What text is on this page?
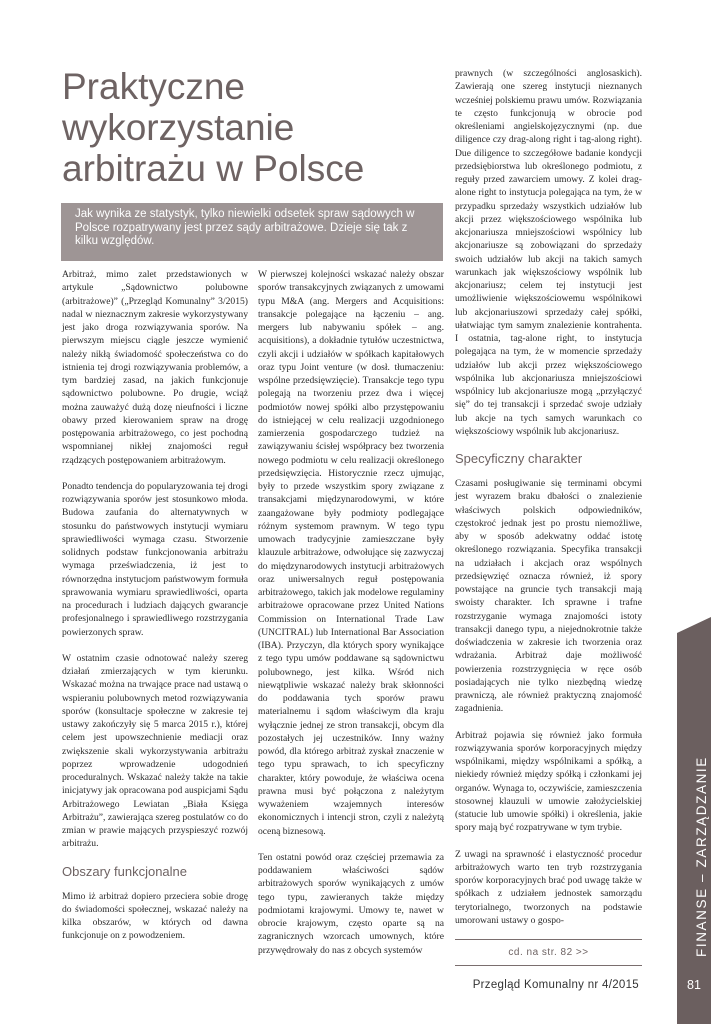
Praktyczne wykorzystanie arbitrażu w Polsce
Jak wynika ze statystyk, tylko niewielki odsetek spraw sądowych w Polsce rozpatrywany jest przez sądy arbitrażowe. Dzieje się tak z kilku względów.

Arbitraż, mimo zalet przedstawionych w artykule „Sądownictwo polubowne (arbitrażowe)” („Przegląd Komunalny” 3/2015) nadal w nieznacznym zakresie wykorzystywany jest jako droga rozwiązywania sporów. Na pierwszym miejscu ciągle jeszcze wymienić należy nikłą świadomość społeczeństwa co do istnienia tej drogi rozwiązywania problemów, a tym bardziej zasad, na jakich funkcjonuje sądownictwo polubowne. Po drugie, wciąż można zauważyć dużą dozę nieufności i liczne obawy przed kierowaniem spraw na drogę postępowania arbitrażowego, co jest pochodną wspomnianej nikłej znajomości reguł rządzących postępowaniem arbitrażowym.

Ponadto tendencja do popularyzowania tej drogi rozwiązywania sporów jest stosunkowo młoda. Budowa zaufania do alternatywnych w stosunku do państwowych instytucji wymiaru sprawiedliwości wymaga czasu. Stworzenie solidnych podstaw funkcjonowania arbitrażu wymaga przeświadczenia, iż jest to równorzędna instytucjom państwowym formuła sprawowania wymiaru sprawiedliwości, oparta na procedurach i ludziach dających gwarancje profesjonalnego i sprawiedliwego rozstrzygania powierzonych spraw.

W ostatnim czasie odnotować należy szereg działań zmierzających w tym kierunku. Wskazać można na trwające prace nad ustawą o wspieraniu polubownych metod rozwiązywania sporów (konsultacje społeczne w zakresie tej ustawy zakończyły się 5 marca 2015 r.), której celem jest upowszechnienie mediacji oraz zwiększenie skali wykorzystywania arbitrażu poprzez wprowadzenie udogodnień proceduralnych. Wskazać należy także na takie inicjatywy jak opracowana pod auspicjami Sądu Arbitrażowego Lewiatan „Biała Księga Arbitrażu”, zawierająca szereg postulatów co do zmian w prawie mających przyspieszyć rozwój arbitrażu.

Obszary funkcjonalne

Mimo iż arbitraż dopiero przeciera sobie drogę do świadomości społecznej, wskazać należy na kilka obszarów, w których od dawna funkcjonuje on z powodzeniem.

W pierwszej kolejności wskazać należy obszar sporów transakcyjnych związanych z umowami typu M&A (ang. Mergers and Acquisitions: transakcje polegające na łączeniu – ang. mergers lub nabywaniu spółek – ang. acquisitions), a dokładnie tytułów uczestnictwa, czyli akcji i udziałów w spółkach kapitałowych oraz typu Joint venture (w dosł. tłumaczeniu: wspólne przedsięwzięcie). Transakcje tego typu polegają na tworzeniu przez dwa i więcej podmiotów nowej spółki albo przystępowaniu do istniejącej w celu realizacji uzgodnionego zamierzenia gospodarczego tudzież na zawiązywaniu ścisłej współpracy bez tworzenia nowego podmiotu w celu realizacji określonego przedsięwzięcia. Historycznie rzecz ujmując, były to przede wszystkim spory związane z transakcjami międzynarodowymi, w które zaangażowane były podmioty podlegające różnym systemom prawnym. W tego typu umowach tradycyjnie zamieszczane były klauzule arbitrażowe, odwołujące się zazwyczaj do międzynarodowych instytucji arbitrażowych oraz uniwersalnych reguł postępowania arbitrażowego, takich jak modelowe regulaminy arbitrażowe opracowane przez United Nations Commission on International Trade Law (UNCITRAL) lub International Bar Association (IBA). Przyczyn, dla których spory wynikające z tego typu umów poddawane są sądownictwu polubownego, jest kilka. Wśród nich niewątpliwie wskazać należy brak skłonności do poddawania tych sporów prawu materialnemu i sądom właściwym dla kraju wyłącznie jednej ze stron transakcji, obcym dla pozostałych jej uczestników. Inny ważny powód, dla którego arbitraż zyskał znaczenie w tego typu sprawach, to ich specyficzny charakter, który powoduje, że właściwa ocena prawna musi być połączona z należytym wyważeniem wzajemnych interesów ekonomicznych i intencji stron, czyli z należytą oceną biznesową.

Ten ostatni powód oraz częściej przemawia za poddawaniem właściwości sądów arbitrażowych sporów wynikających z umów tego typu, zawieranych także między podmiotami krajowymi. Umowy te, nawet w obrocie krajowym, często oparte są na zagranicznych wzorcach umownych, które przywędrowały do nas z obcych systemów

prawnych (w szczególności anglosaskich). Zawierają one szereg instytucji nieznanych wcześniej polskiemu prawu umów. Rozwiązania te często funkcjonują w obrocie pod określeniami angielskojęzycznymi (np. due diligence czy drag-along right i tag-along right). Due diligence to szczegółowe badanie kondycji przedsiębiorstwa lub określonego podmiotu, z reguły przed zawarciem umowy. Z kolei drag-alone right to instytucja polegająca na tym, że w przypadku sprzedaży wszystkich udziałów lub akcji przez większościowego wspólnika lub akcjonariusza mniejszościowi wspólnicy lub akcjonariusze są zobowiązani do sprzedaży swoich udziałów lub akcji na takich samych warunkach jak większościowy wspólnik lub akcjonariusz; celem tej instytucji jest umożliwienie większościowemu wspólnikowi lub akcjonariuszowi sprzedaży całej spółki, ułatwiając tym samym znalezienie kontrahenta. I ostatnia, tag-alone right, to instytucja polegająca na tym, że w momencie sprzedaży udziałów lub akcji przez większościowego wspólnika lub akcjonariusza mniejszościowi wspólnicy lub akcjonariusze mogą „przyłączyć się” do tej transakcji i sprzedać swoje udziały lub akcje na tych samych warunkach co większościowy wspólnik lub akcjonariusz.

Specyficzny charakter

Czasami posługiwanie się terminami obcymi jest wyrazem braku dbałości o znalezienie właściwych polskich odpowiedników, częstokroć jednak jest po prostu niemożliwe, aby w sposób adekwatny oddać istotę określonego rozwiązania. Specyfika transakcji na udziałach i akcjach oraz wspólnych przedsięwzięć oznacza również, iż spory powstające na gruncie tych transakcji mają swoisty charakter. Ich sprawne i trafne rozstrzyganie wymaga znajomości istoty transakcji danego typu, a niejednokrotnie także doświadczenia w zakresie ich tworzenia oraz wdrażania. Arbitraż daje możliwość powierzenia rozstrzygnięcia w ręce osób posiadających nie tylko niezbędną wiedzę prawniczą, ale również praktyczną znajomość zagadnienia.

Arbitraż pojawia się również jako formuła rozwiązywania sporów korporacyjnych między wspólnikami, między wspólnikami a spółką, a niekiedy również między spółką i członkami jej organów. Wynaga to, oczywiście, zamieszczenia stosownej klauzuli w umowie założycielskiej (statucie lub umowie spółki) i określenia, jakie spory mają być rozpatrywane w tym trybie.

Z uwagi na sprawność i elastyczność procedur arbitrażowych warto ten tryb rozstrzygania sporów korporacyjnych brać pod uwagę także w spółkach z udziałem jednostek samorządu terytorialnego, tworzonych na podstawie umorowani ustawy o gospo-

cd. na str. 82 >>
Przegląd Komunalny nr 4/2015
FINANSE – ZARZĄDZANIE
81
